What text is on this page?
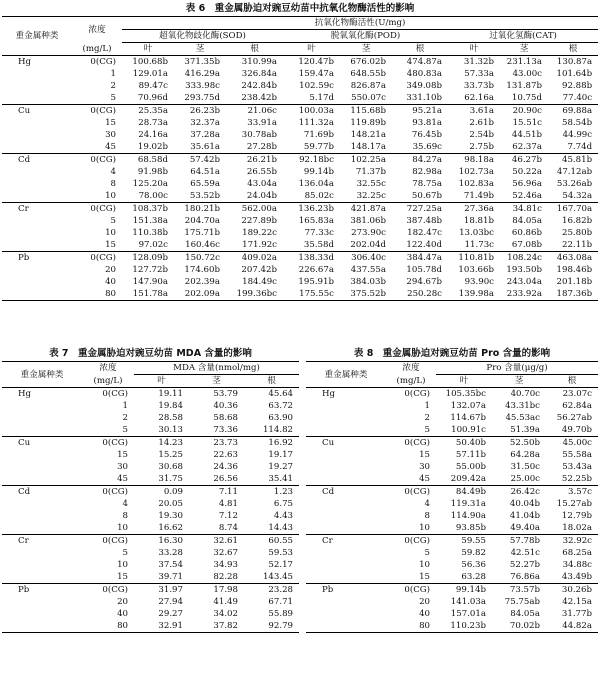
表 6　重金属胁迫对豌豆幼苗中抗氧化物酶活性的影响
重金属种类	浓度	抗氧化物酶活性(U/mg)								
		超氧化物歧化酶(SOD)			脱氧氧化酶(POD)			过氧化氢酶(CAT)		
	(mg/L)	叶	茎	根	叶	茎	根	叶	茎	根
Hg	0(CG)	100.68b	371.35b	310.99a	120.47b	676.02b	474.87a	31.32b	231.13a	130.87a
	1	129.01a	416.29a	326.84a	159.47a	648.55b	480.83a	57.33a	43.00c	101.64b
	2	89.47c	333.98c	242.84b	102.59c	826.87a	349.08b	33.73b	131.87b	92.88b
	5	70.96d	293.75d	238.42b	5.17d	550.07c	331.10b	62.16a	10.75d	77.40c
Cu	0(CG)	25.35a	26.23b	21.06c	100.03a	115.68b	95.21a	3.61a	20.90c	69.88a
	15	28.73a	32.37a	33.91a	111.32a	119.89b	93.81a	2.61b	15.51c	58.54b
	30	24.16a	37.28a	30.78ab	71.69b	148.21a	76.45b	2.54b	44.51b	44.99c
	45	19.02b	35.61a	27.28b	59.77b	148.17a	35.69c	2.75b	62.37a	7.74d
Cd	0(CG)	68.58d	57.42b	26.21b	92.18bc	102.25a	84.27a	98.18a	46.27b	45.81b
	4	91.98b	64.51a	26.55b	99.14b	71.37b	82.98a	102.73a	50.22a	47.12ab
	8	125.20a	65.59a	43.04a	136.04a	32.55c	78.75a	102.83a	56.96a	53.26ab
	10	78.00c	53.52b	24.04b	85.02c	32.25c	50.67b	71.49b	52.46a	54.32a
Cr	0(CG)	108.37b	180.21b	562.00a	136.23b	421.87a	727.25a	27.36a	34.81c	167.70a
	5	151.38a	204.70a	227.89b	165.83a	381.06b	387.48b	18.81b	84.05a	16.82b
	10	110.38b	175.71b	189.22c	77.33c	273.90c	182.47c	13.03bc	60.86b	25.80b
	15	97.02c	160.46c	171.92c	35.58d	202.04d	122.40d	11.73c	67.08b	22.11b
Pb	0(CG)	128.09b	150.72c	409.02a	138.33d	306.40c	384.47a	110.81b	108.24c	463.08a
	20	127.72b	174.60b	207.42b	226.67a	437.55a	105.78d	103.66b	193.50b	198.46b
	40	147.90a	202.39a	184.49c	195.91b	384.03b	294.67b	93.90c	243.04a	201.18b
	80	151.78a	202.09a	199.36bc	175.55c	375.52b	250.28c	139.98a	233.92a	187.36b
表 7　重金属胁迫对豌豆幼苗 MDA 含量的影响
重金属种类	浓度	MDA 含量(nmol/mg)		
	(mg/L)	叶	茎	根
Hg	0(CG)	19.11	53.79	45.64
	1	19.84	40.36	63.72
	2	28.58	58.68	63.90
	5	30.13	73.36	114.82
Cu	0(CG)	14.23	23.73	16.92
	15	15.25	22.63	19.17
	30	30.68	24.36	19.27
	45	31.75	26.56	35.41
Cd	0(CG)	0.09	7.11	1.23
	4	20.05	4.81	6.75
	8	19.30	7.12	4.43
	10	16.62	8.74	14.43
Cr	0(CG)	16.30	32.61	60.55
	5	33.28	32.67	59.53
	10	37.54	34.93	52.17
	15	39.71	82.28	143.45
Pb	0(CG)	31.97	17.98	23.28
	20	27.94	41.49	67.71
	40	29.27	34.02	55.89
	80	32.91	37.82	92.79
表 8　重金属胁迫对豌豆幼苗 Pro 含量的影响
重金属种类	浓度	Pro 含量(μg/g)		
	(mg/L)	叶	茎	根
Hg	0(CG)	105.35bc	40.70c	23.07c
	1	132.07a	43.31bc	62.84a
	2	114.67b	45.53ac	56.27ab
	5	100.91c	51.39a	49.70b
Cu	0(CG)	50.40b	52.50b	45.00c
	15	57.11b	64.28a	55.58a
	30	55.00b	31.50c	53.43a
	45	209.42a	25.00c	52.25b
Cd	0(CG)	84.49b	26.42c	3.57c
	4	119.31a	40.04b	15.27ab
	8	114.90a	41.04b	12.79b
	10	93.85b	49.40a	18.02a
Cr	0(CG)	59.55	57.78b	32.92c
	5	59.82	42.51c	68.25a
	10	56.36	52.27b	34.88c
	15	63.28	76.86a	43.49b
Pb	0(CG)	99.14b	73.57b	30.26b
	20	141.03a	75.75ab	42.15a
	40	157.01a	84.05a	31.77b
	80	110.23b	70.02b	44.82a
